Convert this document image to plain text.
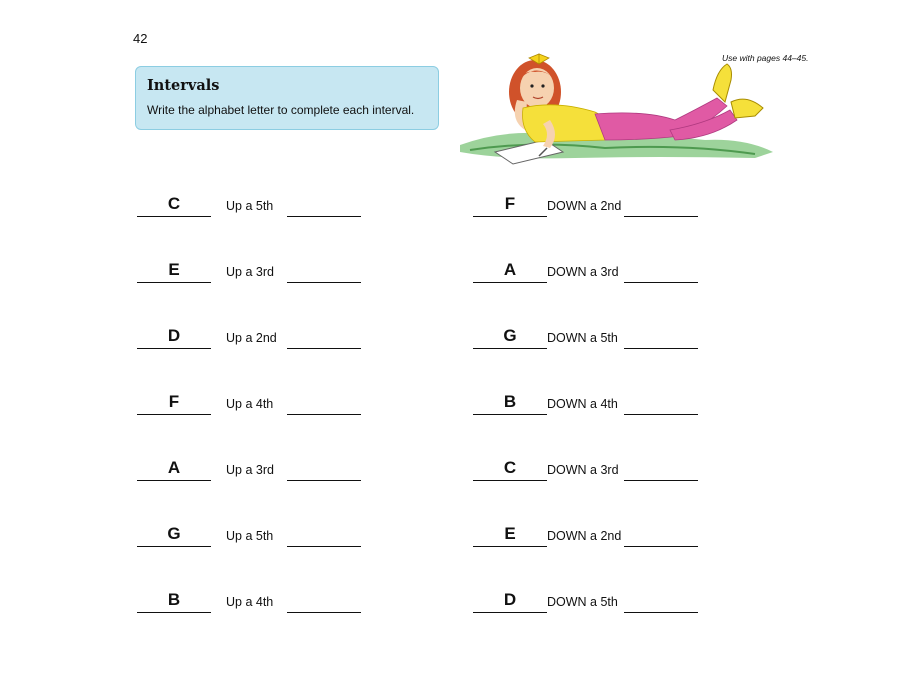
42
Intervals
Write the alphabet letter to complete each interval.
Use with pages 44–45.
C	Up a 5th
E	Up a 3rd
D	Up a 2nd
F	Up a 4th
A	Up a 3rd
G	Up a 5th
B	Up a 4th
F	DOWN a 2nd
A	DOWN a 3rd
G	DOWN a 5th
B	DOWN a 4th
C	DOWN a 3rd
E	DOWN a 2nd
D	DOWN a 5th
